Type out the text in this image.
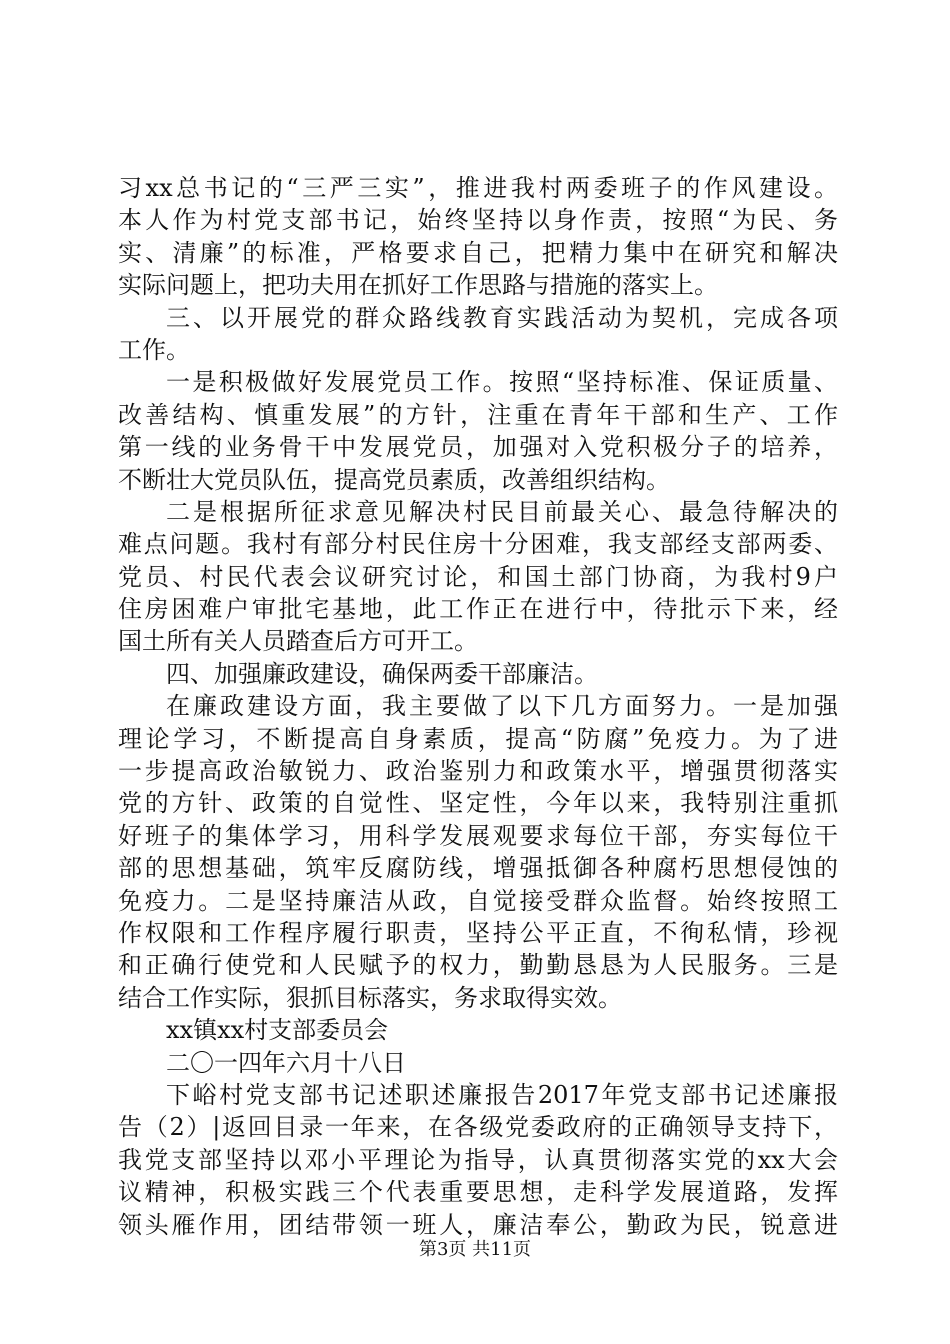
习xx总书记的“三严三实”，推进我村两委班子的作风建设。
本人作为村党支部书记，始终坚持以身作责，按照“为民、务
实、清廉”的标准，严格要求自己，把精力集中在研究和解决
实际问题上，把功夫用在抓好工作思路与措施的落实上。
三、以开展党的群众路线教育实践活动为契机，完成各项
工作。
一是积极做好发展党员工作。按照“坚持标准、保证质量、
改善结构、慎重发展”的方针，注重在青年干部和生产、工作
第一线的业务骨干中发展党员，加强对入党积极分子的培养，
不断壮大党员队伍，提高党员素质，改善组织结构。
二是根据所征求意见解决村民目前最关心、最急待解决的
难点问题。我村有部分村民住房十分困难，我支部经支部两委、
党员、村民代表会议研究讨论，和国土部门协商，为我村9户
住房困难户审批宅基地，此工作正在进行中，待批示下来，经
国土所有关人员踏查后方可开工。
四、加强廉政建设，确保两委干部廉洁。
在廉政建设方面，我主要做了以下几方面努力。一是加强
理论学习，不断提高自身素质，提高“防腐”免疫力。为了进
一步提高政治敏锐力、政治鉴别力和政策水平，增强贯彻落实
党的方针、政策的自觉性、坚定性，今年以来，我特别注重抓
好班子的集体学习，用科学发展观要求每位干部，夯实每位干
部的思想基础，筑牢反腐防线，增强抵御各种腐朽思想侵蚀的
免疫力。二是坚持廉洁从政，自觉接受群众监督。始终按照工
作权限和工作程序履行职责，坚持公平正直，不徇私情，珍视
和正确行使党和人民赋予的权力，勤勤恳恳为人民服务。三是
结合工作实际，狠抓目标落实，务求取得实效。
xx镇xx村支部委员会
二〇一四年六月十八日
下峪村党支部书记述职述廉报告2017年党支部书记述廉报
告（2）|返回目录一年来，在各级党委政府的正确领导支持下，
我党支部坚持以邓小平理论为指导，认真贯彻落实党的xx大会
议精神，积极实践三个代表重要思想，走科学发展道路，发挥
领头雁作用，团结带领一班人，廉洁奉公，勤政为民，锐意进
第3页 共11页
